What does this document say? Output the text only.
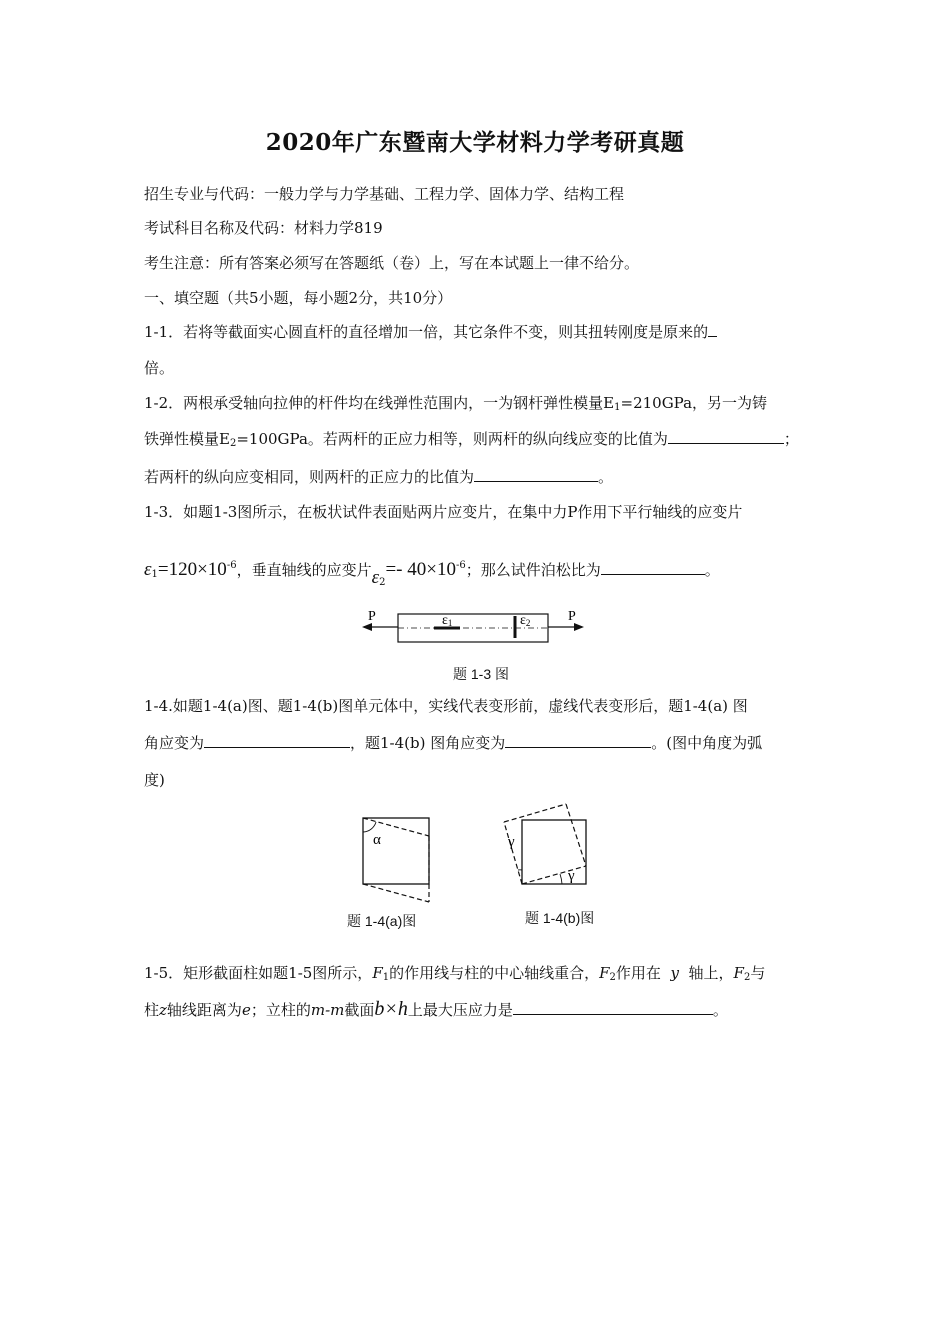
2020年广东暨南大学材料力学考研真题
招生专业与代码：一般力学与力学基础、工程力学、固体力学、结构工程
考试科目名称及代码：材料力学819
考生注意：所有答案必须写在答题纸（卷）上，写在本试题上一律不给分。
一、填空题（共5小题，每小题2分，共10分）
1-1．若将等截面实心圆直杆的直径增加一倍，其它条件不变，则其扭转刚度是原来的
倍。
1-2．两根承受轴向拉伸的杆件均在线弹性范围内，一为钢杆弹性模量$E_1=210GPa$，另一为铸
铁弹性模量$E_2=100GPa$。若两杆的正应力相等，则两杆的纵向线应变的比值为	；
若两杆的纵向应变相同，则两杆的正应力的比值为	。
1-3．如题1-3图所示，在板状试件表面贴两片应变片，在集中力P作用下平行轴线的应变片
$\varepsilon_1=120\times 10^{-6}$，垂直轴线的应变片$\varepsilon_2=-$ $40\times 10^{-6}$；那么试件泊松比为	。
P	P
ε1	ε2
题 1-3 图
1-4.如题1-4(a)图、题1-4(b)图单元体中，实线代表变形前，虚线代表变形后，题1-4(a) 图
角应变为	，题1-4(b) 图角应变为	。(图中角度为弧
度)
α
题 1-4(a)图
γ
γ
题 1-4(b)图
1-5．矩形截面柱如题1-5图所示，$F_1$的作用线与柱的中心轴线重合，$F_2$作用在 y 轴上，$F_2$与
柱z轴线距离为e；立柱的m-m截面b×h上最大压应力是	。
